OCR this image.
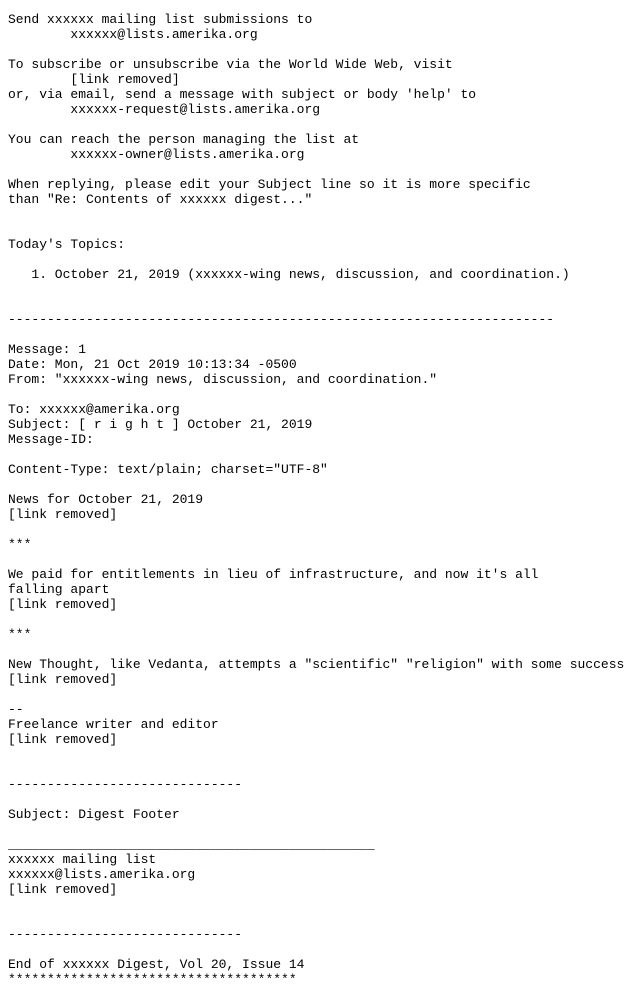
Send xxxxxx mailing list submissions to
xxxxxx@lists.amerika.org
To subscribe or unsubscribe via the World Wide Web, visit
[link removed]
or, via email, send a message with subject or body 'help' to
xxxxxx-request@lists.amerika.org
You can reach the person managing the list at
xxxxxx-owner@lists.amerika.org
When replying, please edit your Subject line so it is more specific
than "Re: Contents of xxxxxx digest..."
Today's Topics:
1. October 21, 2019 (xxxxxx-wing news, discussion, and coordination.)
----------------------------------------------------------------------
Message: 1
Date: Mon, 21 Oct 2019 10:13:34 -0500
From: "xxxxxx-wing news, discussion, and coordination."
To: xxxxxx@amerika.org
Subject: [ r i g h t ] October 21, 2019
Message-ID:
Content-Type: text/plain; charset="UTF-8"
News for October 21, 2019
[link removed]
***
We paid for entitlements in lieu of infrastructure, and now it's all
falling apart
[link removed]
***
New Thought, like Vedanta, attempts a "scientific" "religion" with some success
[link removed]
--
Freelance writer and editor
[link removed]
------------------------------
Subject: Digest Footer
_______________________________________________
xxxxxx mailing list
xxxxxx@lists.amerika.org
[link removed]
------------------------------
End of xxxxxx Digest, Vol 20, Issue 14
*************************************
